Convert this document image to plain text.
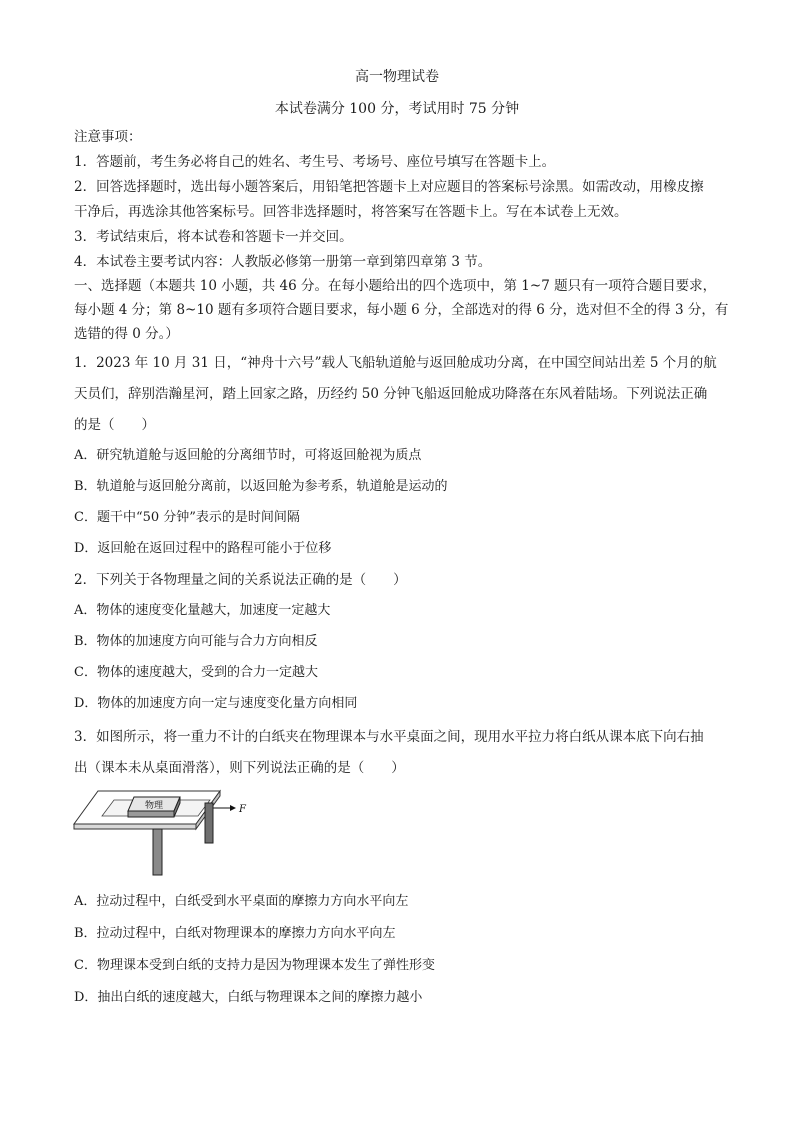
高一物理试卷
本试卷满分 100 分，考试用时 75 分钟
注意事项：
1．答题前，考生务必将自己的姓名、考生号、考场号、座位号填写在答题卡上。
2．回答选择题时，选出每小题答案后，用铅笔把答题卡上对应题目的答案标号涂黑。如需改动，用橡皮擦
干净后，再选涂其他答案标号。回答非选择题时，将答案写在答题卡上。写在本试卷上无效。
3．考试结束后，将本试卷和答题卡一并交回。
4．本试卷主要考试内容：人教版必修第一册第一章到第四章第 3 节。
一、选择题（本题共 10 小题，共 46 分。在每小题给出的四个选项中，第 1~7 题只有一项符合题目要求，
每小题 4 分；第 8~10 题有多项符合题目要求，每小题 6 分，全部选对的得 6 分，选对但不全的得 3 分，有
选错的得 0 分。）
1．2023 年 10 月 31 日，“神舟十六号”载人飞船轨道舱与返回舱成功分离，在中国空间站出差 5 个月的航
天员们，辞别浩瀚星河，踏上回家之路，历经约 50 分钟飞船返回舱成功降落在东风着陆场。下列说法正确
的是（　　）
A．研究轨道舱与返回舱的分离细节时，可将返回舱视为质点
B．轨道舱与返回舱分离前，以返回舱为参考系，轨道舱是运动的
C．题干中“50 分钟”表示的是时间间隔
D．返回舱在返回过程中的路程可能小于位移
2．下列关于各物理量之间的关系说法正确的是（　　）
A．物体的速度变化量越大，加速度一定越大
B．物体的加速度方向可能与合力方向相反
C．物体的速度越大，受到的合力一定越大
D．物体的加速度方向一定与速度变化量方向相同
3．如图所示，将一重力不计的白纸夹在物理课本与水平桌面之间，现用水平拉力将白纸从课本底下向右抽
出（课本未从桌面滑落），则下列说法正确的是（　　）
物理	F
A．拉动过程中，白纸受到水平桌面的摩擦力方向水平向左
B．拉动过程中，白纸对物理课本的摩擦力方向水平向左
C．物理课本受到白纸的支持力是因为物理课本发生了弹性形变
D．抽出白纸的速度越大，白纸与物理课本之间的摩擦力越小
